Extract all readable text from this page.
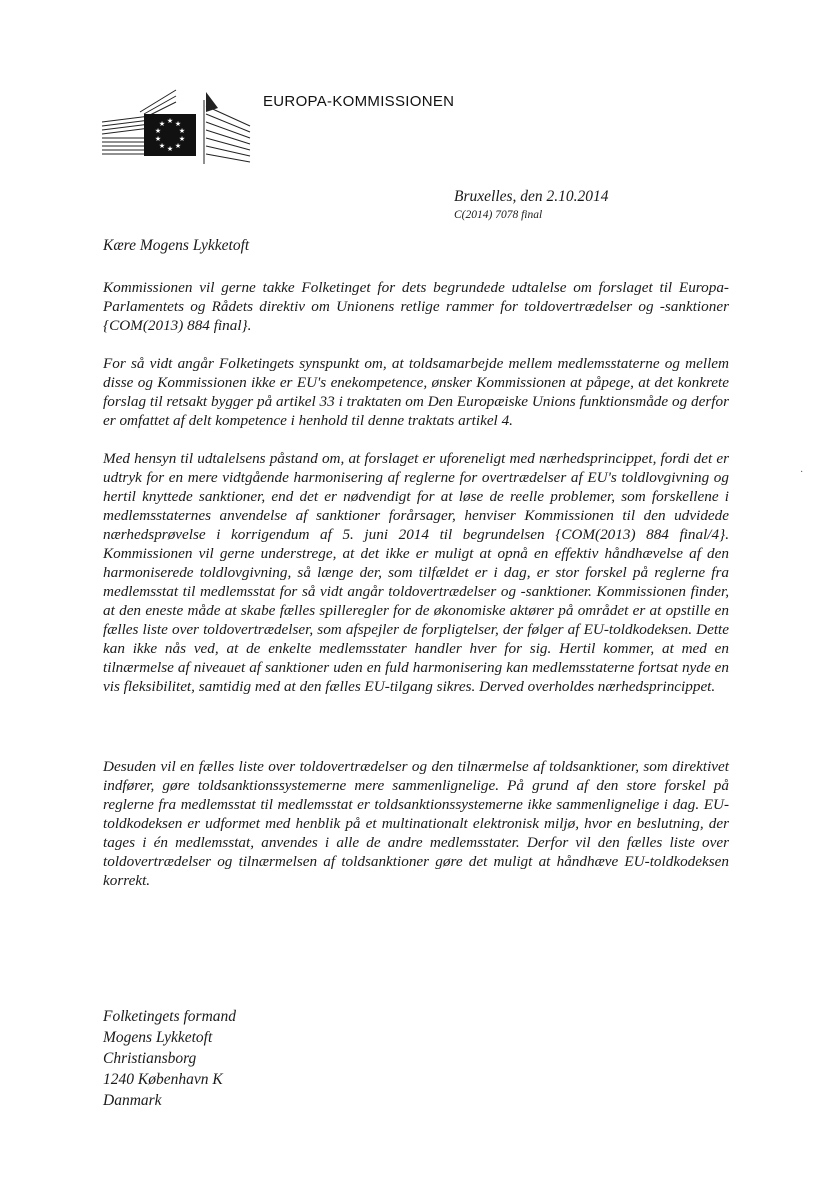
★ ★
★
★
★
★
★
★
★
★
EUROPA-KOMMISSIONEN
Bruxelles, den 2.10.2014
C(2014) 7078 final
Kære Mogens Lykketoft

Kommissionen vil gerne takke Folketinget for dets begrundede udtalelse om forslaget til Europa-Parlamentets og Rådets direktiv om Unionens retlige rammer for toldovertrædelser og -sanktioner {COM(2013) 884 final}.

For så vidt angår Folketingets synspunkt om, at toldsamarbejde mellem medlemsstaterne og mellem disse og Kommissionen ikke er EU's enekompetence, ønsker Kommissionen at påpege, at det konkrete forslag til retsakt bygger på artikel 33 i traktaten om Den Europæiske Unions funktionsmåde og derfor er omfattet af delt kompetence i henhold til denne traktats artikel 4.

Med hensyn til udtalelsens påstand om, at forslaget er uforeneligt med nærhedsprincippet, fordi det er udtryk for en mere vidtgående harmonisering af reglerne for overtrædelser af EU's toldlovgivning og hertil knyttede sanktioner, end det er nødvendigt for at løse de reelle problemer, som forskellene i medlemsstaternes anvendelse af sanktioner forårsager, henviser Kommissionen til den udvidede nærhedsprøvelse i korrigendum af 5. juni 2014 til begrundelsen {COM(2013) 884 final/4}. Kommissionen vil gerne understrege, at det ikke er muligt at opnå en effektiv håndhævelse af den harmoniserede toldlovgivning, så længe der, som tilfældet er i dag, er stor forskel på reglerne fra medlemsstat til medlemsstat for så vidt angår toldovertrædelser og -sanktioner. Kommissionen finder, at den eneste måde at skabe fælles spilleregler for de økonomiske aktører på området er at opstille en fælles liste over toldovertrædelser, som afspejler de forpligtelser, der følger af EU-toldkodeksen. Dette kan ikke nås ved, at de enkelte medlemsstater handler hver for sig. Hertil kommer, at med en tilnærmelse af niveauet af sanktioner uden en fuld harmonisering kan medlemsstaterne fortsat nyde en vis fleksibilitet, samtidig med at den fælles EU-tilgang sikres. Derved overholdes nærhedsprincippet.

Desuden vil en fælles liste over toldovertrædelser og den tilnærmelse af toldsanktioner, som direktivet indfører, gøre toldsanktionssystemerne mere sammenlignelige. På grund af den store forskel på reglerne fra medlemsstat til medlemsstat er toldsanktionssystemerne ikke sammenlignelige i dag. EU-toldkodeksen er udformet med henblik på et multinationalt elektronisk miljø, hvor en beslutning, der tages i én medlemsstat, anvendes i alle de andre medlemsstater. Derfor vil den fælles liste over toldovertrædelser og tilnærmelsen af toldsanktioner gøre det muligt at håndhæve EU-toldkodeksen korrekt.

Folketingets formand
Mogens Lykketoft
Christiansborg
1240 København K
Danmark
·
